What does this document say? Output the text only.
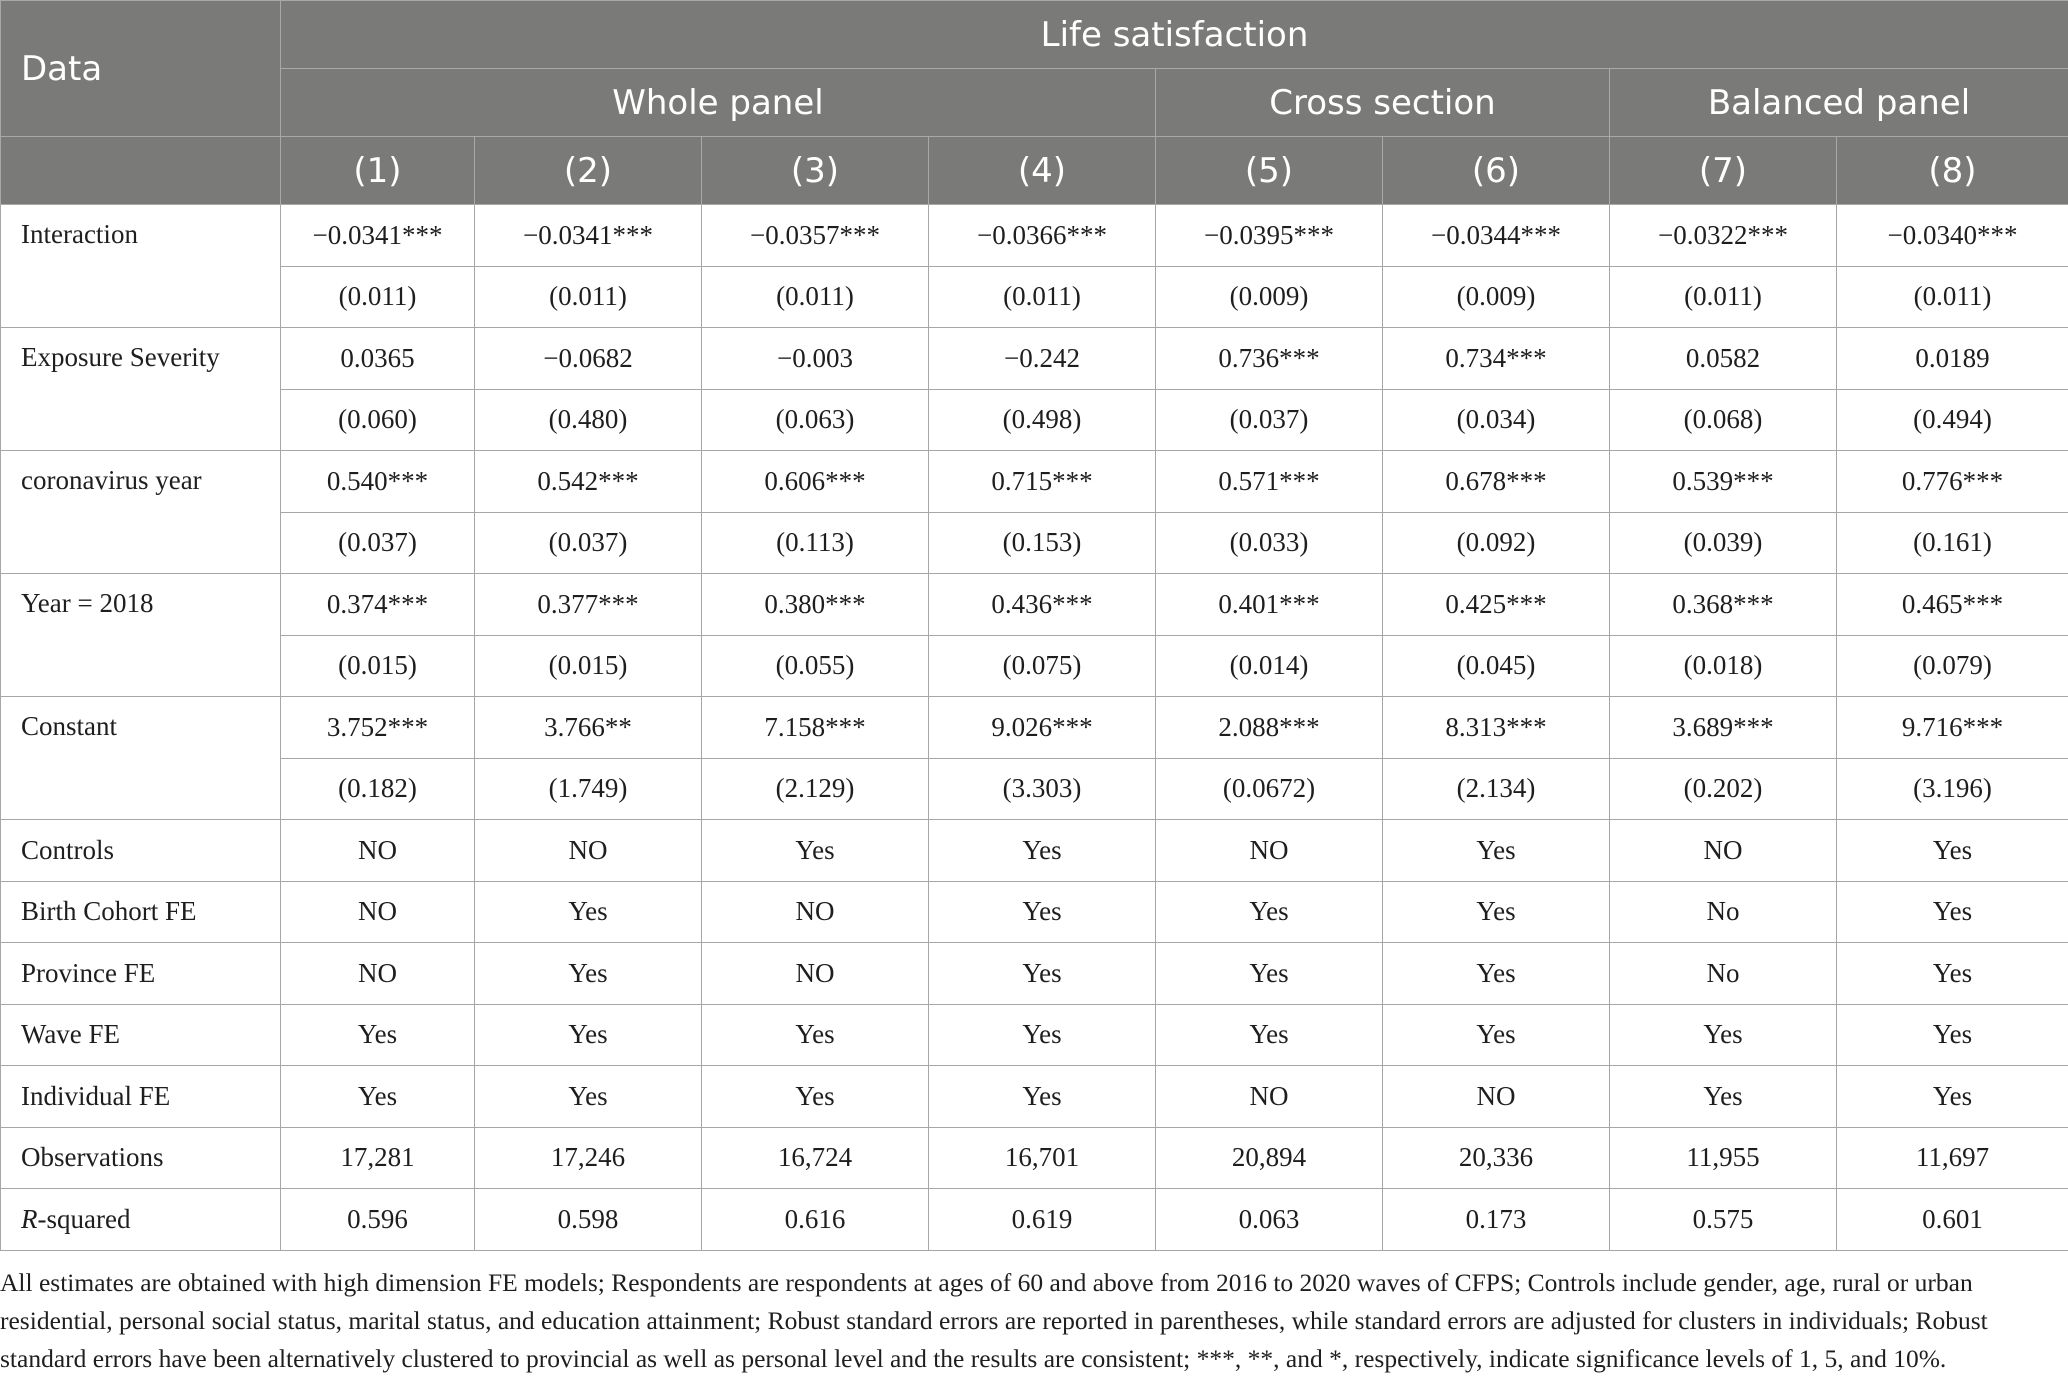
Data	Life satisfaction							
	Whole panel				Cross section		Balanced panel	
	(1)	(2)	(3)	(4)	(5)	(6)	(7)	(8)
Interaction	−0.0341***	−0.0341***	−0.0357***	−0.0366***	−0.0395***	−0.0344***	−0.0322***	−0.0340***
	(0.011)	(0.011)	(0.011)	(0.011)	(0.009)	(0.009)	(0.011)	(0.011)
Exposure Severity	0.0365	−0.0682	−0.003	−0.242	0.736***	0.734***	0.0582	0.0189
	(0.060)	(0.480)	(0.063)	(0.498)	(0.037)	(0.034)	(0.068)	(0.494)
coronavirus year	0.540***	0.542***	0.606***	0.715***	0.571***	0.678***	0.539***	0.776***
	(0.037)	(0.037)	(0.113)	(0.153)	(0.033)	(0.092)	(0.039)	(0.161)
Year = 2018	0.374***	0.377***	0.380***	0.436***	0.401***	0.425***	0.368***	0.465***
	(0.015)	(0.015)	(0.055)	(0.075)	(0.014)	(0.045)	(0.018)	(0.079)
Constant	3.752***	3.766**	7.158***	9.026***	2.088***	8.313***	3.689***	9.716***
	(0.182)	(1.749)	(2.129)	(3.303)	(0.0672)	(2.134)	(0.202)	(3.196)
Controls	NO	NO	Yes	Yes	NO	Yes	NO	Yes
Birth Cohort FE	NO	Yes	NO	Yes	Yes	Yes	No	Yes
Province FE	NO	Yes	NO	Yes	Yes	Yes	No	Yes
Wave FE	Yes	Yes	Yes	Yes	Yes	Yes	Yes	Yes
Individual FE	Yes	Yes	Yes	Yes	NO	NO	Yes	Yes
Observations	17,281	17,246	16,724	16,701	20,894	20,336	11,955	11,697
R-squared	0.596	0.598	0.616	0.619	0.063	0.173	0.575	0.601
All estimates are obtained with high dimension FE models; Respondents are respondents at ages of 60 and above from 2016 to 2020 waves of CFPS; Controls include gender, age, rural or urban residential, personal social status, marital status, and education attainment; Robust standard errors are reported in parentheses, while standard errors are adjusted for clusters in individuals; Robust standard errors have been alternatively clustered to provincial as well as personal level and the results are consistent; ***, **, and *, respectively, indicate significance levels of 1, 5, and 10%.
